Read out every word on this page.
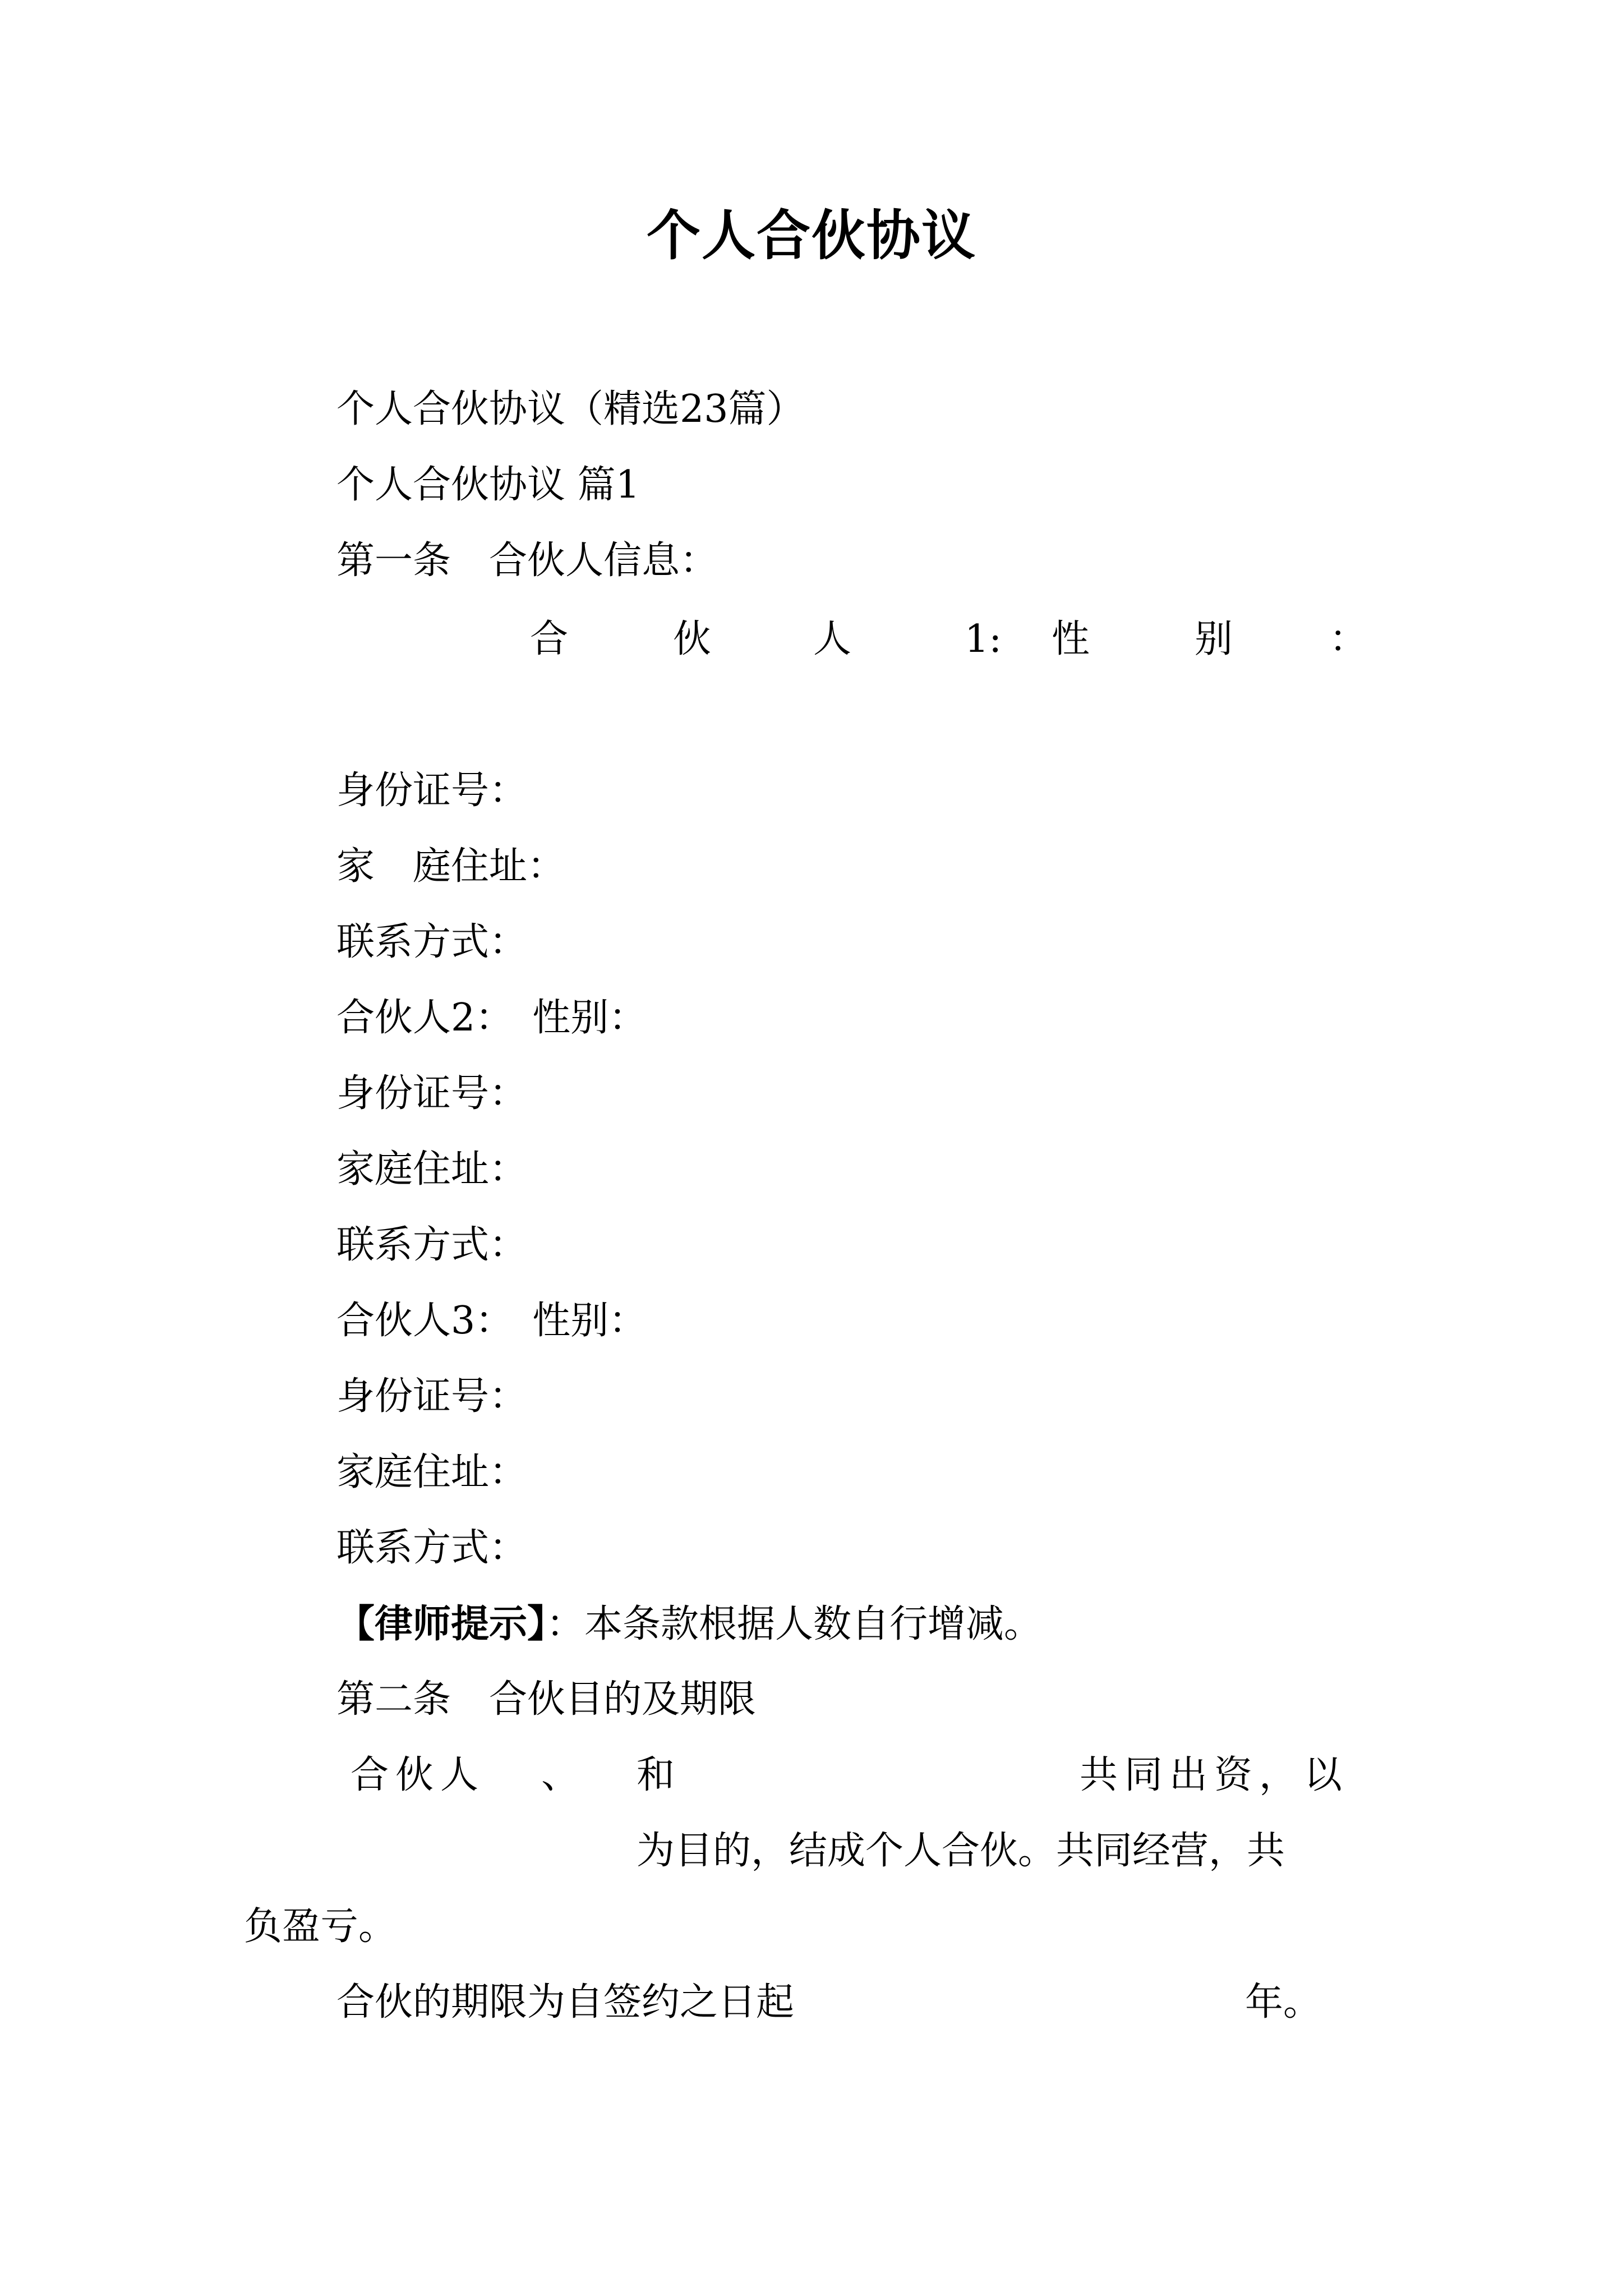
个人合伙协议
个人合伙协议（精选23篇）
个人合伙协议 篇1
第一条　合伙人信息：
合	伙	人	1: 性	别	：
身份证号：
家　庭住址：
联系方式：
合伙人2：　性别：
身份证号：
家庭住址：
联系方式：
合伙人3：　性别：
身份证号：
家庭住址：
联系方式：
【律师提示】：本条款根据人数自行增减。
第二条　合伙目的及期限
合伙人 、 和	共同出资，以
为目的，结成个人合伙。共同经营，共
负盈亏。
合伙的期限为自签约之日起	年。
